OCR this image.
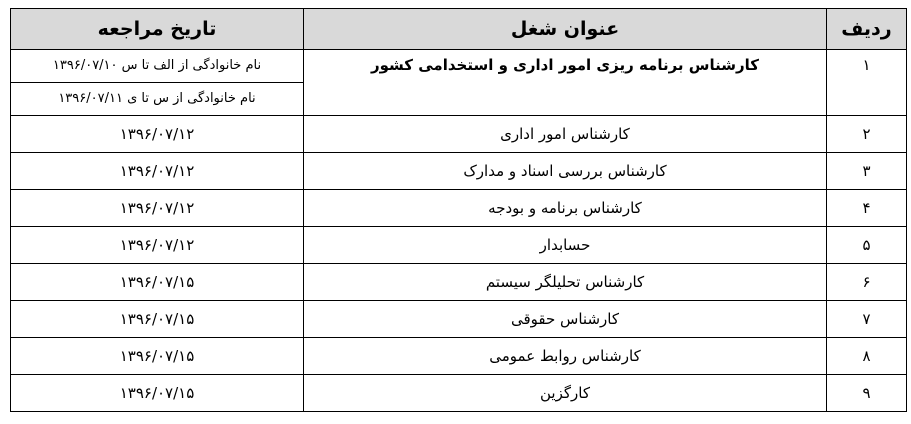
ردیف	عنوان شغل	تاریخ مراجعه
۱	کارشناس برنامه ریزی امور اداری و استخدامی کشور	نام خانوادگی از الف تا س ۱۳۹۶/۰۷/۱۰
نام خانوادگی از س تا ی ۱۳۹۶/۰۷/۱۱

۲	کارشناس امور اداری	۱۳۹۶/۰۷/۱۲
۳	کارشناس بررسی اسناد و مدارک	۱۳۹۶/۰۷/۱۲
۴	کارشناس برنامه و بودجه	۱۳۹۶/۰۷/۱۲
۵	حسابدار	۱۳۹۶/۰۷/۱۲
۶	کارشناس تحلیلگر سیستم	۱۳۹۶/۰۷/۱۵
۷	کارشناس حقوقی	۱۳۹۶/۰۷/۱۵
۸	کارشناس روابط عمومی	۱۳۹۶/۰۷/۱۵
۹	کارگزین	۱۳۹۶/۰۷/۱۵
